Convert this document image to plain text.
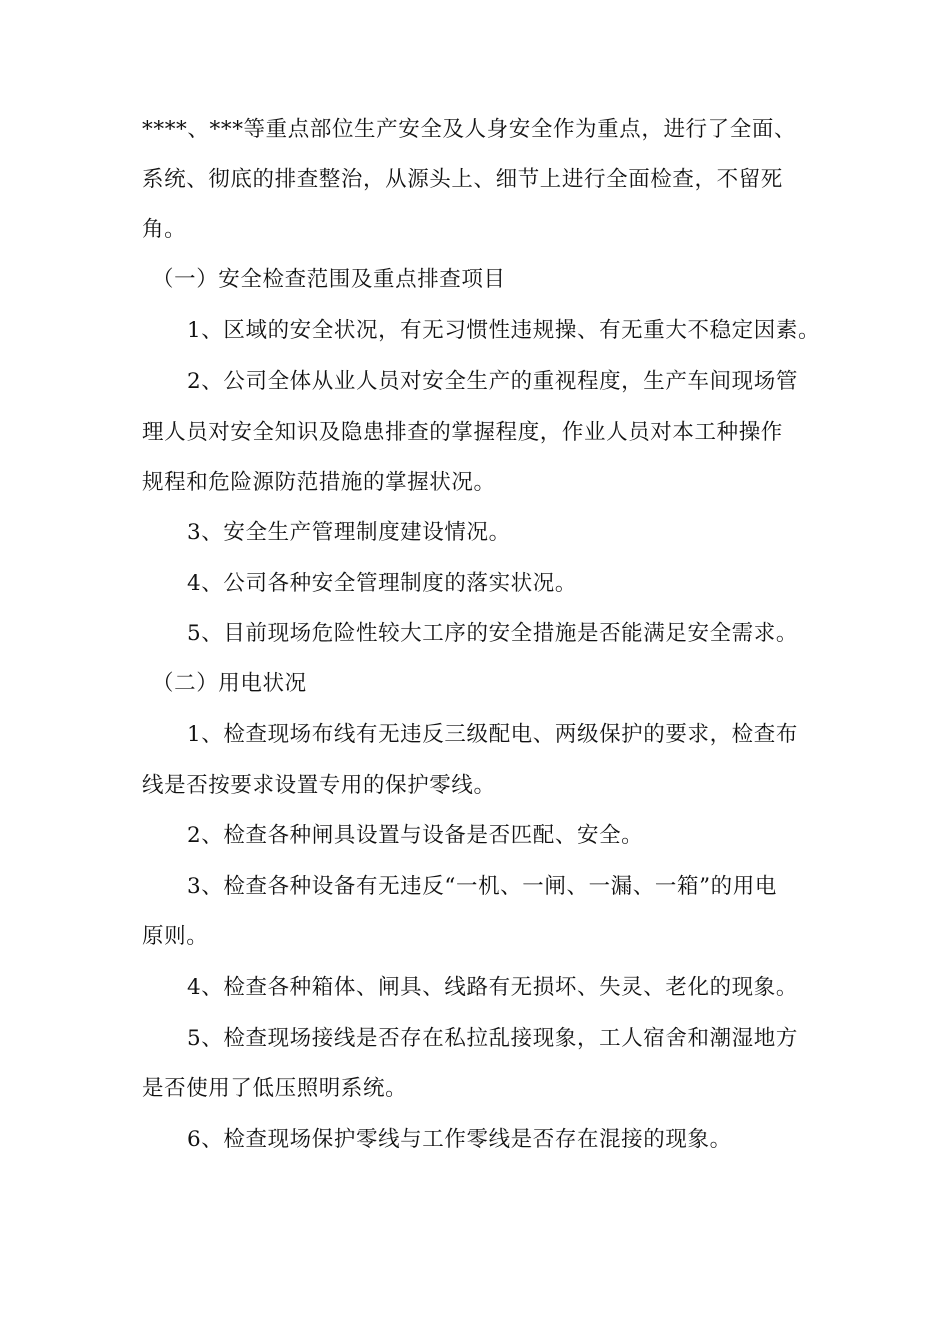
****、***等重点部位生产安全及人身安全作为重点，进行了全面、
系统、彻底的排查整治，从源头上、细节上进行全面检查，不留死
角。
（一）安全检查范围及重点排查项目
1、区域的安全状况，有无习惯性违规操、有无重大不稳定因素。
2、公司全体从业人员对安全生产的重视程度，生产车间现场管
理人员对安全知识及隐患排查的掌握程度，作业人员对本工种操作
规程和危险源防范措施的掌握状况。
3、安全生产管理制度建设情况。
4、公司各种安全管理制度的落实状况。
5、目前现场危险性较大工序的安全措施是否能满足安全需求。
（二）用电状况
1、检查现场布线有无违反三级配电、两级保护的要求，检查布
线是否按要求设置专用的保护零线。
2、检查各种闸具设置与设备是否匹配、安全。
3、检查各种设备有无违反“一机、一闸、一漏、一箱”的用电
原则。
4、检查各种箱体、闸具、线路有无损坏、失灵、老化的现象。
5、检查现场接线是否存在私拉乱接现象，工人宿舍和潮湿地方
是否使用了低压照明系统。
6、检查现场保护零线与工作零线是否存在混接的现象。
